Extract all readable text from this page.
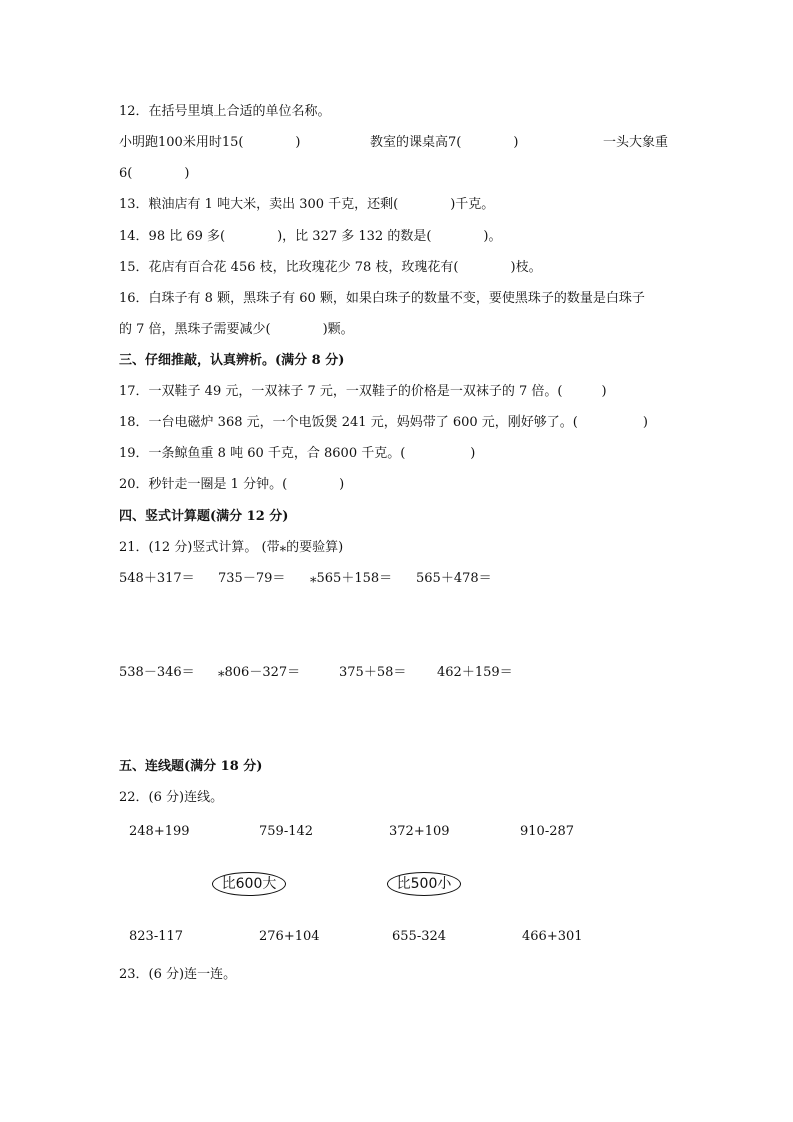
12．在括号里填上合适的单位名称。
小明跑100米用时15(　　　　)	教室的课桌高7(　　　　)	一头大象重
6(　　　　)
13．粮油店有 1 吨大米，卖出 300 千克，还剩(　　　　)千克。
14．98 比 69 多(　　　　)，比 327 多 132 的数是(　　　　)。
15．花店有百合花 456 枝，比玫瑰花少 78 枝，玫瑰花有(　　　　)枝。
16．白珠子有 8 颗，黑珠子有 60 颗，如果白珠子的数量不变，要使黑珠子的数量是白珠子
的 7 倍，黑珠子需要减少(　　　　)颗。
三、仔细推敲，认真辨析。(满分 8 分)
17．一双鞋子 49 元，一双袜子 7 元，一双鞋子的价格是一双袜子的 7 倍。(　　　)
18．一台电磁炉 368 元，一个电饭煲 241 元，妈妈带了 600 元，刚好够了。(　　　　　)
19．一条鲸鱼重 8 吨 60 千克，合 8600 千克。(　　　　　)
20．秒针走一圈是 1 分钟。(　　　　)
四、竖式计算题(满分 12 分)
21．(12 分)竖式计算。 (带⁎的要验算)
548＋317＝ 735－79＝ ⁎565＋158＝ 565＋478＝
538－346＝ ⁎806－327＝	375＋58＝ 462＋159＝
五、连线题(满分 18 分)
22．(6 分)连线。
248+199	759-142	372+109	910-287
比600大	比500小
823-117	276+104	655-324	466+301
23．(6 分)连一连。
